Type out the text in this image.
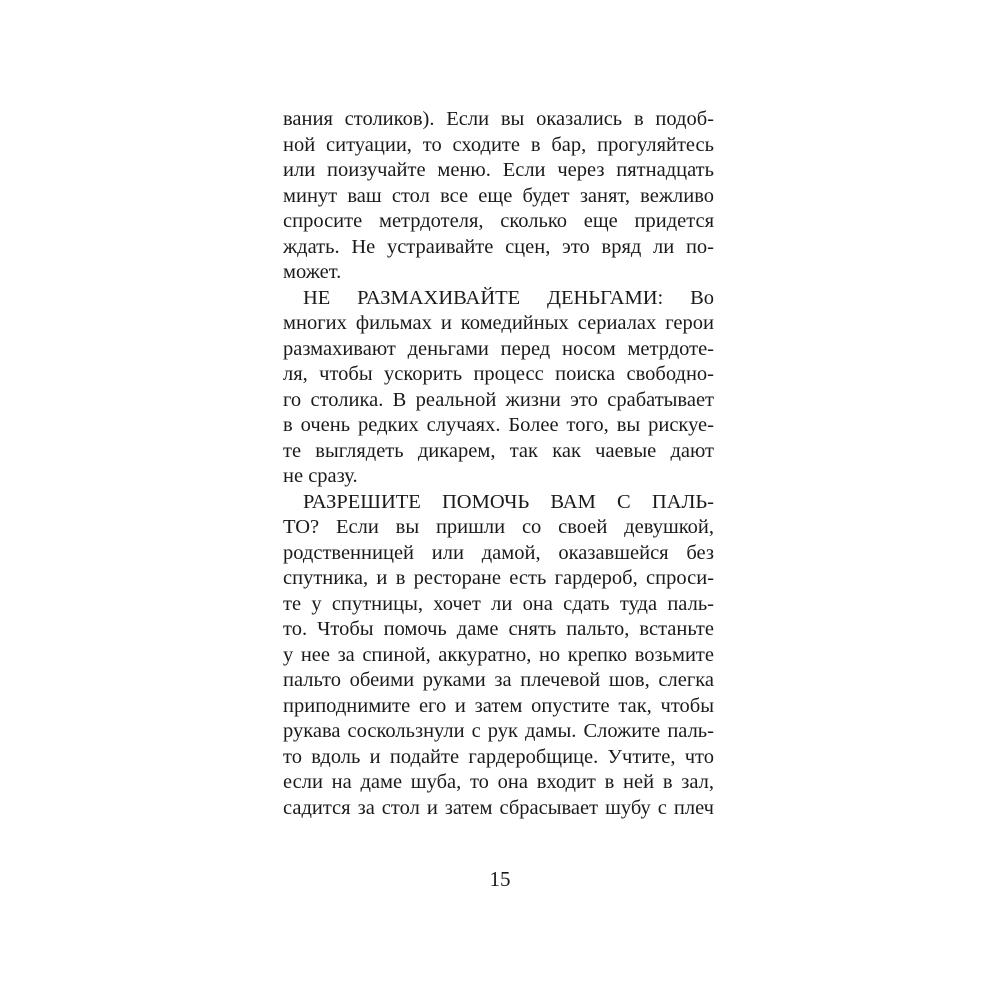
вания столиков). Если вы оказались в подоб-
ной ситуации, то сходите в бар, прогуляйтесь
или поизучайте меню. Если через пятнадцать
минут ваш стол все еще будет занят, вежливо
спросите метрдотеля, сколько еще придется
ждать. Не устраивайте сцен, это вряд ли по-
может.
НЕ РАЗМАХИВАЙТЕ ДЕНЬГАМИ: Во
многих фильмах и комедийных сериалах герои
размахивают деньгами перед носом метрдоте-
ля, чтобы ускорить процесс поиска свободно-
го столика. В реальной жизни это срабатывает
в очень редких случаях. Более того, вы рискуе-
те выглядеть дикарем, так как чаевые дают
не сразу.
РАЗРЕШИТЕ ПОМОЧЬ ВАМ С ПАЛЬ-
ТО? Если вы пришли со своей девушкой,
родственницей или дамой, оказавшейся без
спутника, и в ресторане есть гардероб, спроси-
те у спутницы, хочет ли она сдать туда паль-
то. Чтобы помочь даме снять пальто, встаньте
у нее за спиной, аккуратно, но крепко возьмите
пальто обеими руками за плечевой шов, слегка
приподнимите его и затем опустите так, чтобы
рукава соскользнули с рук дамы. Сложите паль-
то вдоль и подайте гардеробщице. Учтите, что
если на даме шуба, то она входит в ней в зал,
садится за стол и затем сбрасывает шубу с плеч
15
